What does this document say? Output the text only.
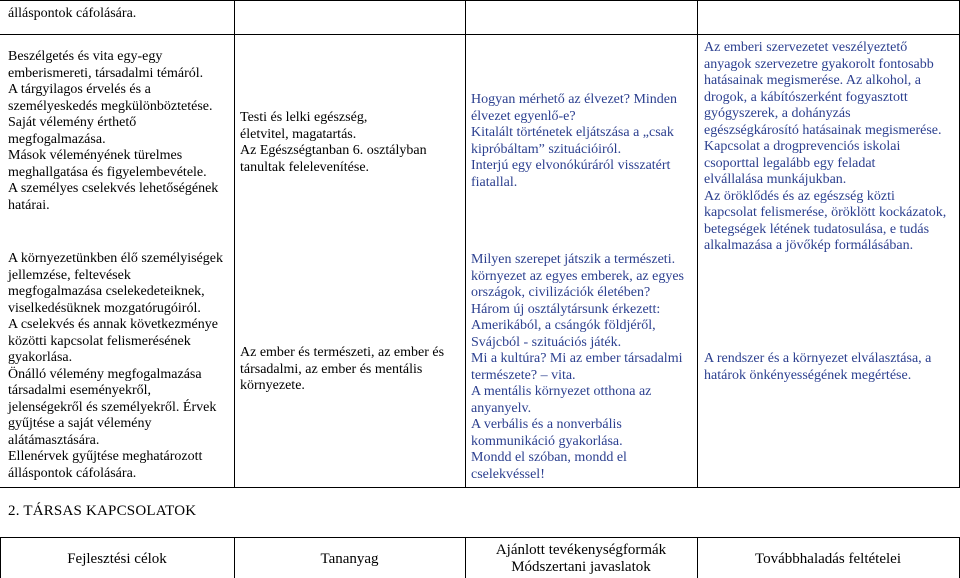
álláspontok cáfolására.
Beszélgetés és vita egy-egy
emberismereti, társadalmi témáról.
A tárgyilagos érvelés és a
személyeskedés megkülönböztetése.
Saját vélemény érthető
megfogalmazása.
Mások véleményének türelmes
meghallgatása és figyelembevétele.
A személyes cselekvés lehetőségének
határai.
A környezetünkben élő személyiségek
jellemzése, feltevések
megfogalmazása cselekedeteiknek,
viselkedésüknek mozgatórugóiról.
A cselekvés és annak következménye
közötti kapcsolat felismerésének
gyakorlása.
Önálló vélemény megfogalmazása
társadalmi eseményekről,
jelenségekről és személyekről. Érvek
gyűjtése a saját vélemény
alátámasztására.
Ellenérvek gyűjtése meghatározott
álláspontok cáfolására.
Testi és lelki egészség,
életvitel, magatartás.
Az Egészségtanban 6. osztályban
tanultak felelevenítése.
Az ember és természeti, az ember és
társadalmi, az ember és mentális
környezete.
Hogyan mérhető az élvezet? Minden
élvezet egyenlő-e?
Kitalált történetek eljátszása a „csak
kipróbáltam” szituációiról.
Interjú egy elvonókúráról visszatért
fiatallal.
Milyen szerepet játszik a természeti.
környezet az egyes emberek, az egyes
országok, civilizációk életében?
Három új osztálytársunk érkezett:
Amerikából, a csángók földjéről,
Svájcból - szituációs játék.
Mi a kultúra? Mi az ember társadalmi
természete? – vita.
A mentális környezet otthona az
anyanyelv.
A verbális és a nonverbális
kommunikáció gyakorlása.
Mondd el szóban, mondd el
cselekvéssel!
Az emberi szervezetet veszélyeztető
anyagok szervezetre gyakorolt fontosabb
hatásainak megismerése. Az alkohol, a
drogok, a kábítószerként fogyasztott
gyógyszerek, a dohányzás
egészségkárosító hatásainak megismerése.
Kapcsolat a drogprevenciós iskolai
csoporttal legalább egy feladat
elvállalása munkájukban.
Az öröklődés és az egészség közti
kapcsolat felismerése, öröklött kockázatok,
betegségek létének tudatosulása, e tudás
alkalmazása a jövőkép formálásában.
A rendszer és a környezet elválasztása, a
határok önkényességének megértése.
2. TÁRSAS KAPCSOLATOK
Fejlesztési célok	Tananyag
Ajánlott tevékenységformák
Módszertani javaslatok
Továbbhaladás feltételei
